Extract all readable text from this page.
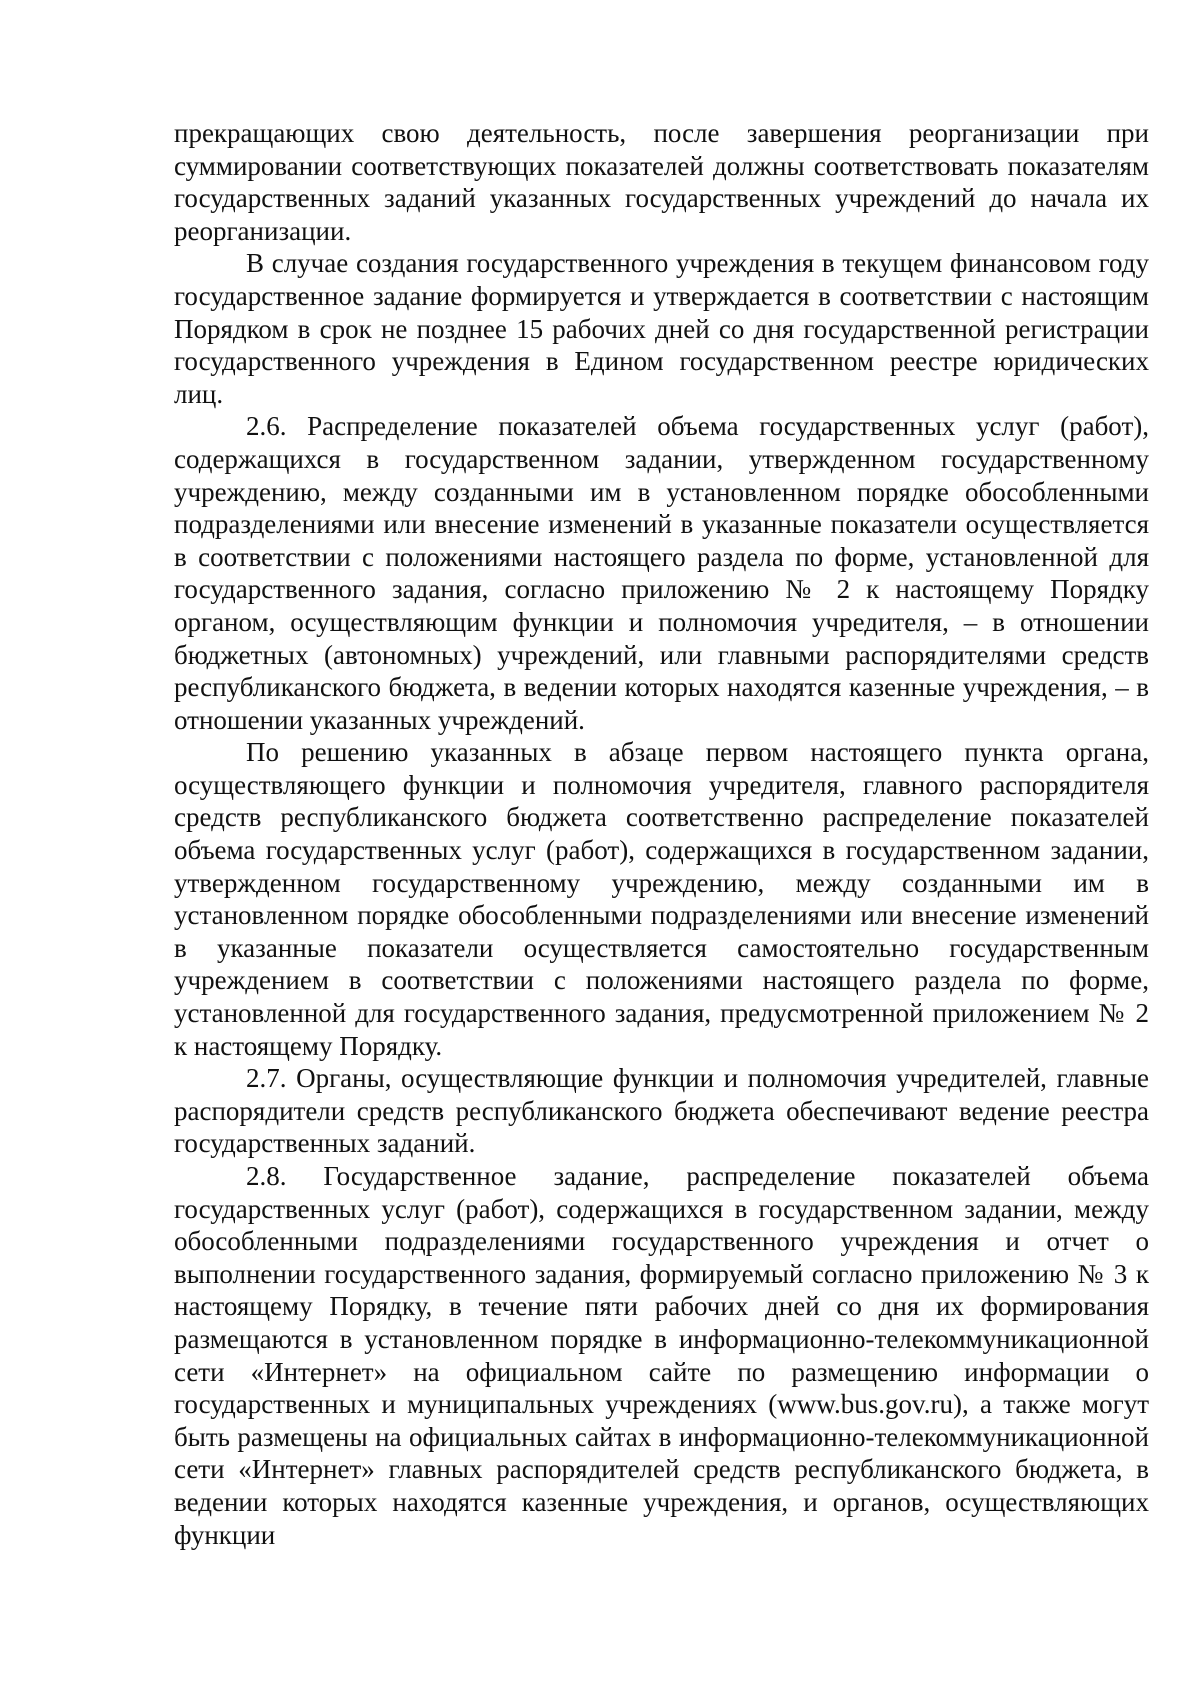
прекращающих свою деятельность, после завершения реорганизации при суммировании соответствующих показателей должны соответствовать показателям государственных заданий указанных государственных учреждений до начала их реорганизации.

В случае создания государственного учреждения в текущем финансовом году государственное задание формируется и утверждается в соответствии с настоящим Порядком в срок не позднее 15 рабочих дней со дня государственной регистрации государственного учреждения в Едином государственном реестре юридических лиц.

2.6. Распределение показателей объема государственных услуг (работ), содержащихся в государственном задании, утвержденном государственному учреждению, между созданными им в установленном порядке обособленными подразделениями или внесение изменений в указанные показатели осуществляется в соответствии с положениями настоящего раздела по форме, установленной для государственного задания, согласно приложению № 2 к настоящему Порядку органом, осуществляющим функции и полномочия учредителя, – в отношении бюджетных (автономных) учреждений, или главными распорядителями средств республиканского бюджета, в ведении которых находятся казенные учреждения, – в отношении указанных учреждений.

По решению указанных в абзаце первом настоящего пункта органа, осуществляющего функции и полномочия учредителя, главного распорядителя средств республиканского бюджета соответственно распределение показателей объема государственных услуг (работ), содержащихся в государственном задании, утвержденном государственному учреждению, между созданными им в установленном порядке обособленными подразделениями или внесение изменений в указанные показатели осуществляется самостоятельно государственным учреждением в соответствии с положениями настоящего раздела по форме, установленной для государственного задания, предусмотренной приложением № 2 к настоящему Порядку.

2.7. Органы, осуществляющие функции и полномочия учредителей, главные распорядители средств республиканского бюджета обеспечивают ведение реестра государственных заданий.

2.8. Государственное задание, распределение показателей объема государственных услуг (работ), содержащихся в государственном задании, между обособленными подразделениями государственного учреждения и отчет о выполнении государственного задания, формируемый согласно приложению № 3 к настоящему Порядку, в течение пяти рабочих дней со дня их формирования размещаются в установленном порядке в информационно-телекоммуникационной сети «Интернет» на официальном сайте по размещению информации о государственных и муниципальных учреждениях (www.bus.gov.ru), а также могут быть размещены на официальных сайтах в информационно-телекоммуникационной сети «Интернет» главных распорядителей средств республиканского бюджета, в ведении которых находятся казенные учреждения, и органов, осуществляющих функции
